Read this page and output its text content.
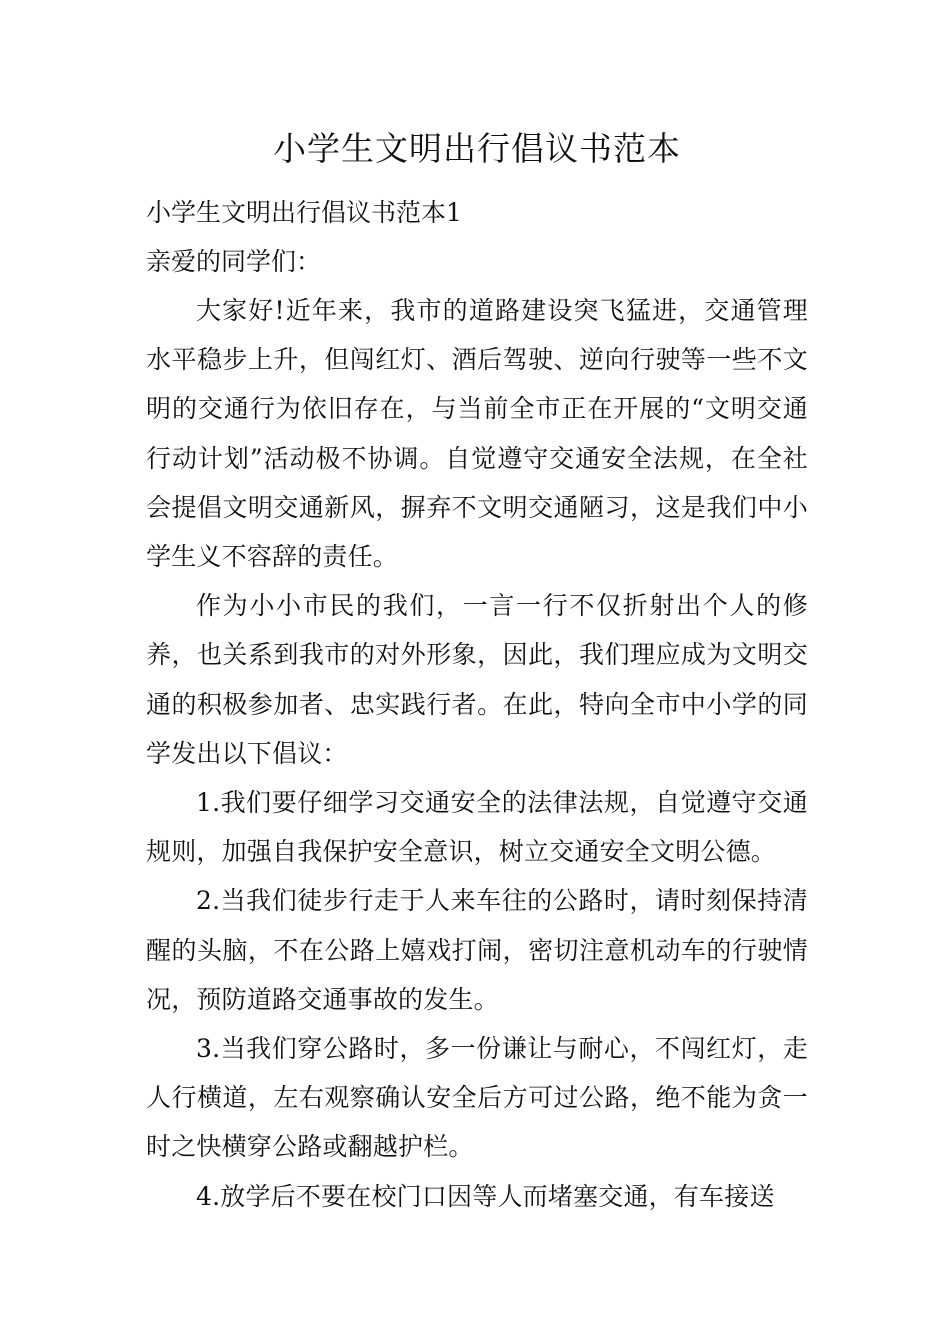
小学生文明出行倡议书范本

小学生文明出行倡议书范本1

亲爱的同学们：

大家好!近年来，我市的道路建设突飞猛进，交通管理水平稳步上升，但闯红灯、酒后驾驶、逆向行驶等一些不文明的交通行为依旧存在，与当前全市正在开展的“文明交通行动计划”活动极不协调。自觉遵守交通安全法规，在全社会提倡文明交通新风，摒弃不文明交通陋习，这是我们中小学生义不容辞的责任。

作为小小市民的我们，一言一行不仅折射出个人的修养，也关系到我市的对外形象，因此，我们理应成为文明交通的积极参加者、忠实践行者。在此，特向全市中小学的同学发出以下倡议：

1.我们要仔细学习交通安全的法律法规，自觉遵守交通规则，加强自我保护安全意识，树立交通安全文明公德。

2.当我们徒步行走于人来车往的公路时，请时刻保持清醒的头脑，不在公路上嬉戏打闹，密切注意机动车的行驶情况，预防道路交通事故的发生。

3.当我们穿公路时，多一份谦让与耐心，不闯红灯，走人行横道，左右观察确认安全后方可过公路，绝不能为贪一时之快横穿公路或翻越护栏。

4.放学后不要在校门口因等人而堵塞交通，有车接送
